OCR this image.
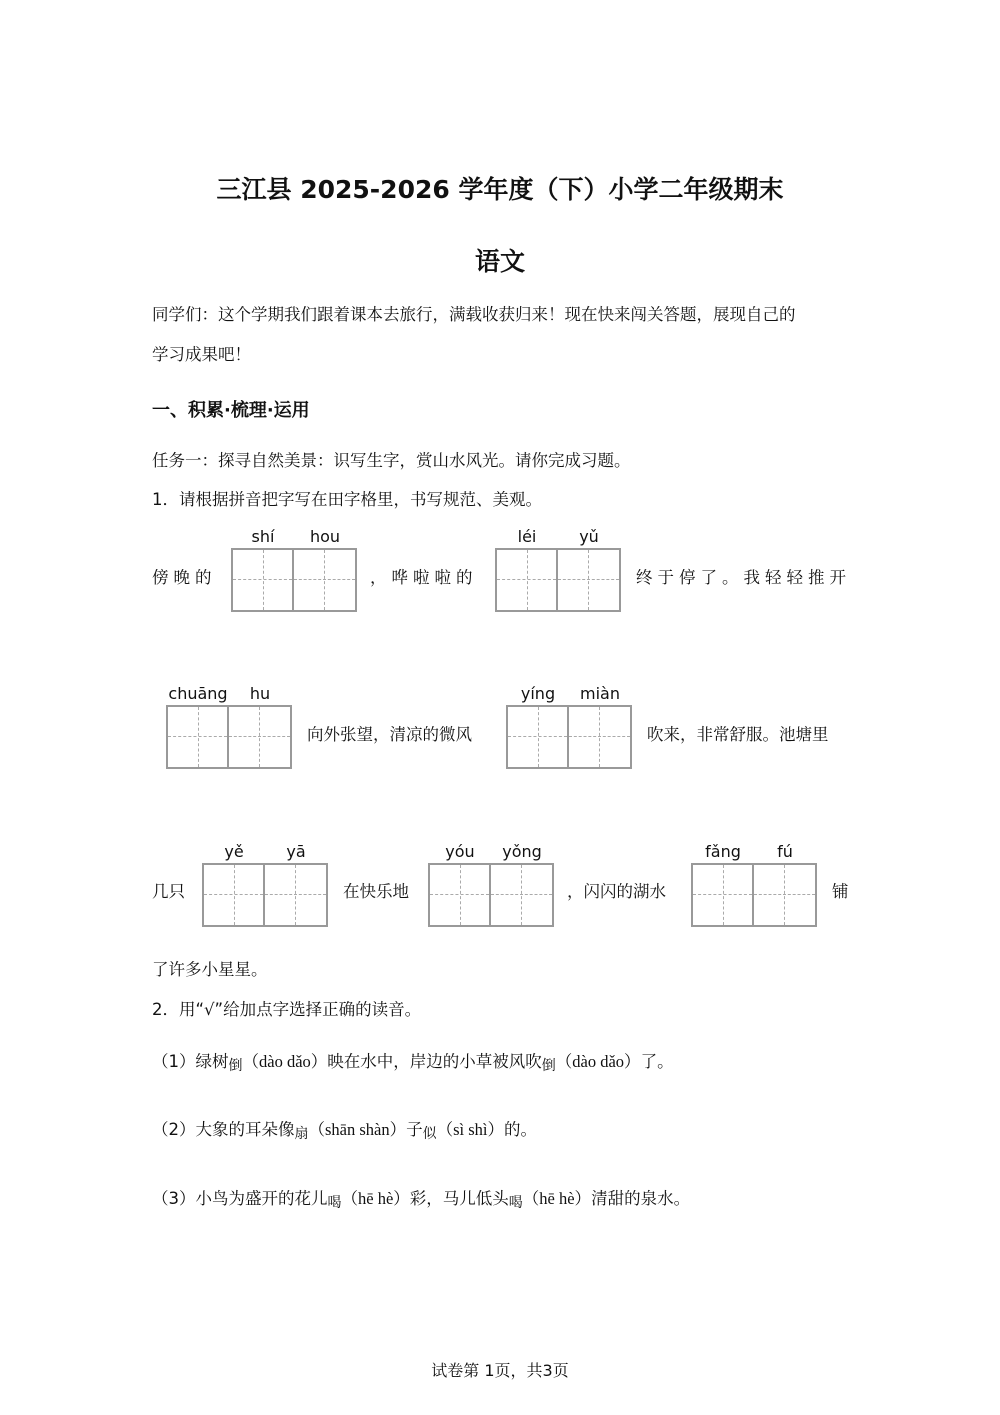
三江县 2025-2026 学年度（下）小学二年级期末
语文
同学们：这个学期我们跟着课本去旅行，满载收获归来！现在快来闯关答题，展现自己的
学习成果吧！
一、积累·梳理·运用
任务一：探寻自然美景：识写生字，赏山水风光。请你完成习题。
1．请根据拼音把字写在田字格里，书写规范、美观。
shí	hou	léi	yǔ
傍晚的	，哗啦啦的	终于停了。我轻轻推开
chuāng	hu	yíng	miàn
向外张望，清凉的微风	吹来，非常舒服。池塘里
yě	yā	yóu	yǒng	fǎng	fú
几只	在快乐地	，闪闪的湖水	铺
了许多小星星。
2．用“√”给加点字选择正确的读音。
（1）绿树倒（dào dǎo）映在水中，岸边的小草被风吹倒（dào dǎo）了。
（2）大象的耳朵像扇（shān shàn）子似（sì shì）的。
（3）小鸟为盛开的花儿喝（hē hè）彩，马儿低头喝（hē hè）清甜的泉水。
试卷第 1页，共3页
